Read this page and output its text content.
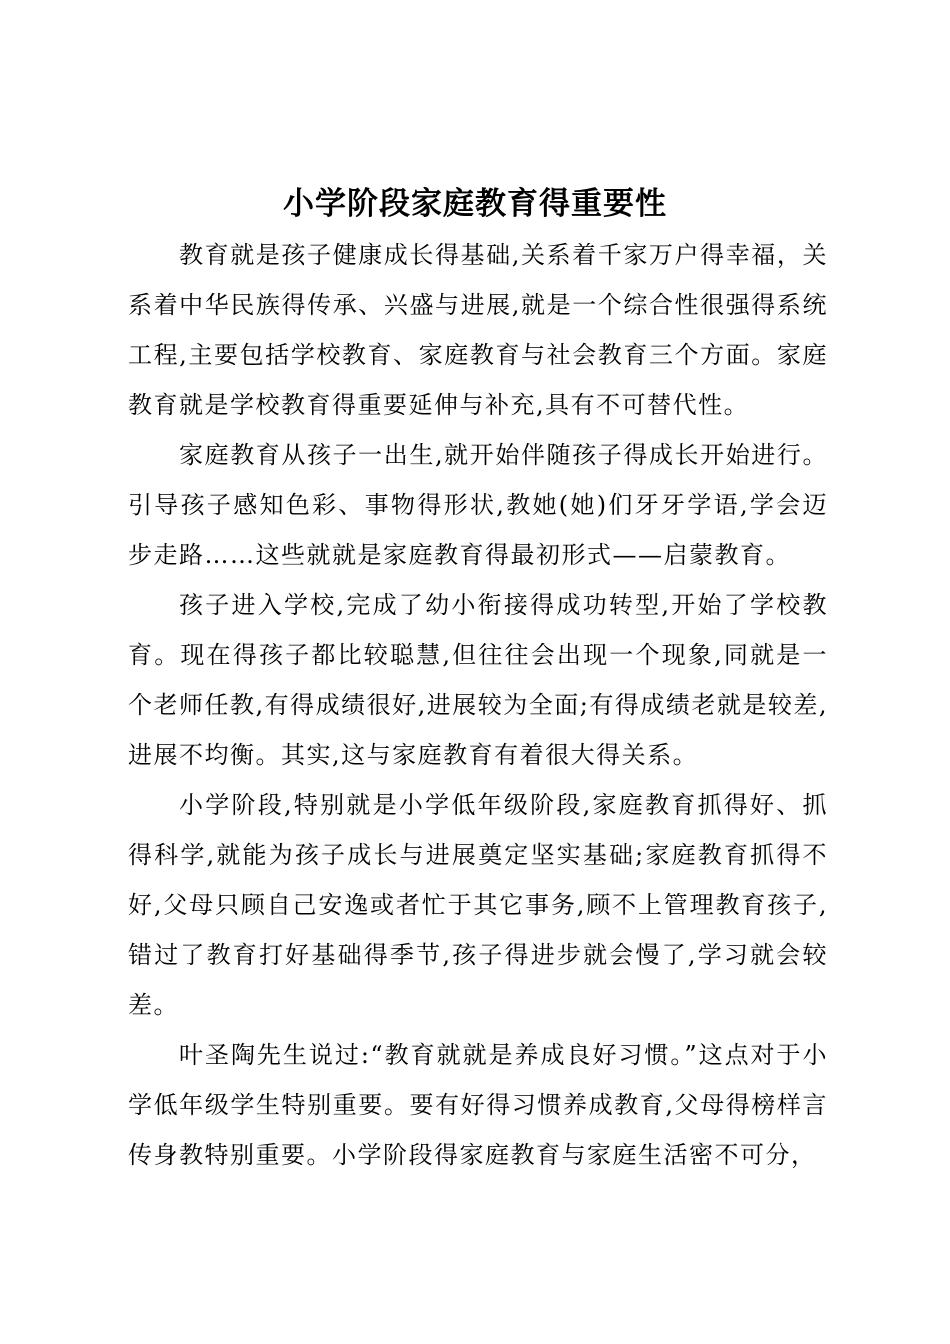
小学阶段家庭教育得重要性

教育就是孩子健康成长得基础,关系着千家万户得幸福，关系着中华民族得传承、兴盛与进展,就是一个综合性很强得系统工程,主要包括学校教育、家庭教育与社会教育三个方面。家庭教育就是学校教育得重要延伸与补充,具有不可替代性。

家庭教育从孩子一出生,就开始伴随孩子得成长开始进行。引导孩子感知色彩、事物得形状,教她(她)们牙牙学语,学会迈步走路……这些就就是家庭教育得最初形式——启蒙教育。

孩子进入学校,完成了幼小衔接得成功转型,开始了学校教育。现在得孩子都比较聪慧,但往往会出现一个现象,同就是一个老师任教,有得成绩很好,进展较为全面;有得成绩老就是较差,进展不均衡。其实,这与家庭教育有着很大得关系。

小学阶段,特别就是小学低年级阶段,家庭教育抓得好、抓得科学,就能为孩子成长与进展奠定坚实基础;家庭教育抓得不好,父母只顾自己安逸或者忙于其它事务,顾不上管理教育孩子,错过了教育打好基础得季节,孩子得进步就会慢了,学习就会较差。

叶圣陶先生说过:“教育就就是养成良好习惯。”这点对于小学低年级学生特别重要。要有好得习惯养成教育,父母得榜样言传身教特别重要。小学阶段得家庭教育与家庭生活密不可分，
